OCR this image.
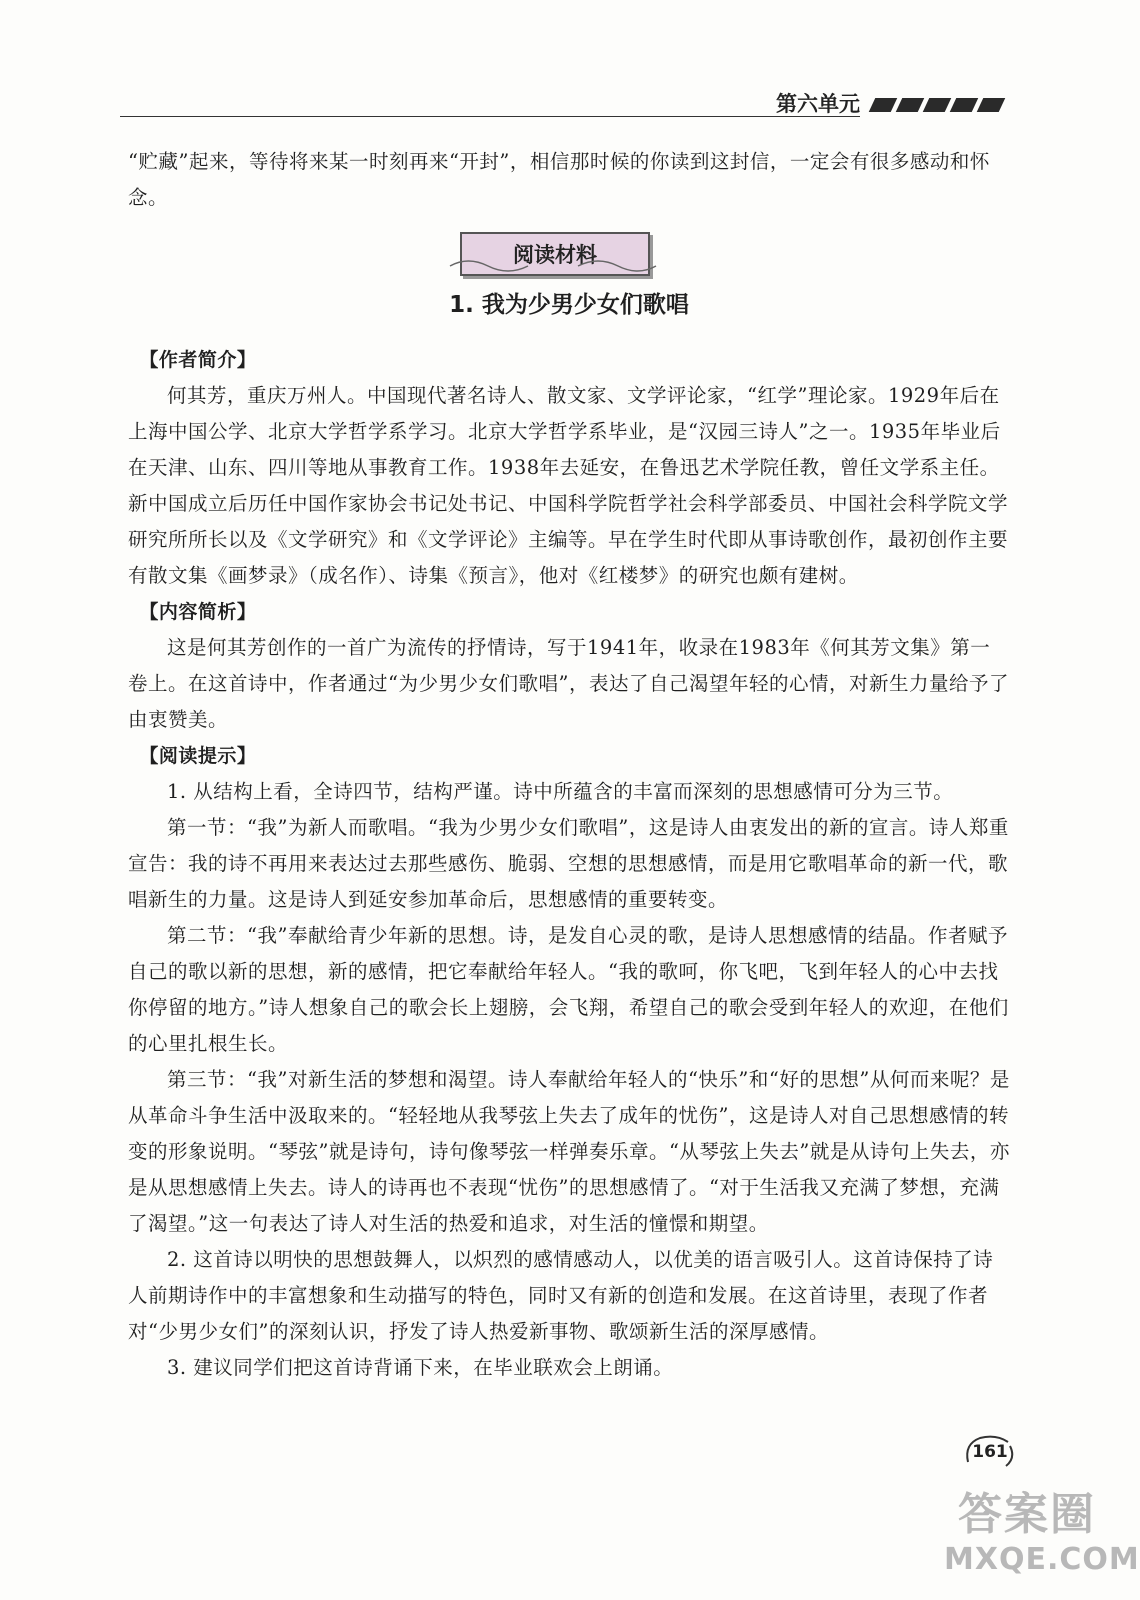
第六单元
“贮藏”起来，等待将来某一时刻再来“开封”，相信那时候的你读到这封信，一定会有很多感动和怀念。
阅读材料
1. 我为少男少女们歌唱

【作者简介】

何其芳，重庆万州人。中国现代著名诗人、散文家、文学评论家，“红学”理论家。1929年后在上海中国公学、北京大学哲学系学习。北京大学哲学系毕业，是“汉园三诗人”之一。1935年毕业后在天津、山东、四川等地从事教育工作。1938年去延安，在鲁迅艺术学院任教，曾任文学系主任。新中国成立后历任中国作家协会书记处书记、中国科学院哲学社会科学部委员、中国社会科学院文学研究所所长以及《文学研究》和《文学评论》主编等。早在学生时代即从事诗歌创作，最初创作主要有散文集《画梦录》（成名作）、诗集《预言》，他对《红楼梦》的研究也颇有建树。

【内容简析】

这是何其芳创作的一首广为流传的抒情诗，写于1941年，收录在1983年《何其芳文集》第一卷上。在这首诗中，作者通过“为少男少女们歌唱”，表达了自己渴望年轻的心情，对新生力量给予了由衷赞美。

【阅读提示】

1. 从结构上看，全诗四节，结构严谨。诗中所蕴含的丰富而深刻的思想感情可分为三节。

第一节：“我”为新人而歌唱。“我为少男少女们歌唱”，这是诗人由衷发出的新的宣言。诗人郑重宣告：我的诗不再用来表达过去那些感伤、脆弱、空想的思想感情，而是用它歌唱革命的新一代，歌唱新生的力量。这是诗人到延安参加革命后，思想感情的重要转变。

第二节：“我”奉献给青少年新的思想。诗，是发自心灵的歌，是诗人思想感情的结晶。作者赋予自己的歌以新的思想，新的感情，把它奉献给年轻人。“我的歌呵，你飞吧，飞到年轻人的心中去找你停留的地方。”诗人想象自己的歌会长上翅膀，会飞翔，希望自己的歌会受到年轻人的欢迎，在他们的心里扎根生长。

第三节：“我”对新生活的梦想和渴望。诗人奉献给年轻人的“快乐”和“好的思想”从何而来呢？是从革命斗争生活中汲取来的。“轻轻地从我琴弦上失去了成年的忧伤”，这是诗人对自己思想感情的转变的形象说明。“琴弦”就是诗句，诗句像琴弦一样弹奏乐章。“从琴弦上失去”就是从诗句上失去，亦是从思想感情上失去。诗人的诗再也不表现“忧伤”的思想感情了。“对于生活我又充满了梦想，充满了渴望。”这一句表达了诗人对生活的热爱和追求，对生活的憧憬和期望。

2. 这首诗以明快的思想鼓舞人，以炽烈的感情感动人，以优美的语言吸引人。这首诗保持了诗人前期诗作中的丰富想象和生动描写的特色，同时又有新的创造和发展。在这首诗里，表现了作者对“少男少女们”的深刻认识，抒发了诗人热爱新事物、歌颂新生活的深厚感情。

3. 建议同学们把这首诗背诵下来，在毕业联欢会上朗诵。

161
答案圈
MXQE.COM
